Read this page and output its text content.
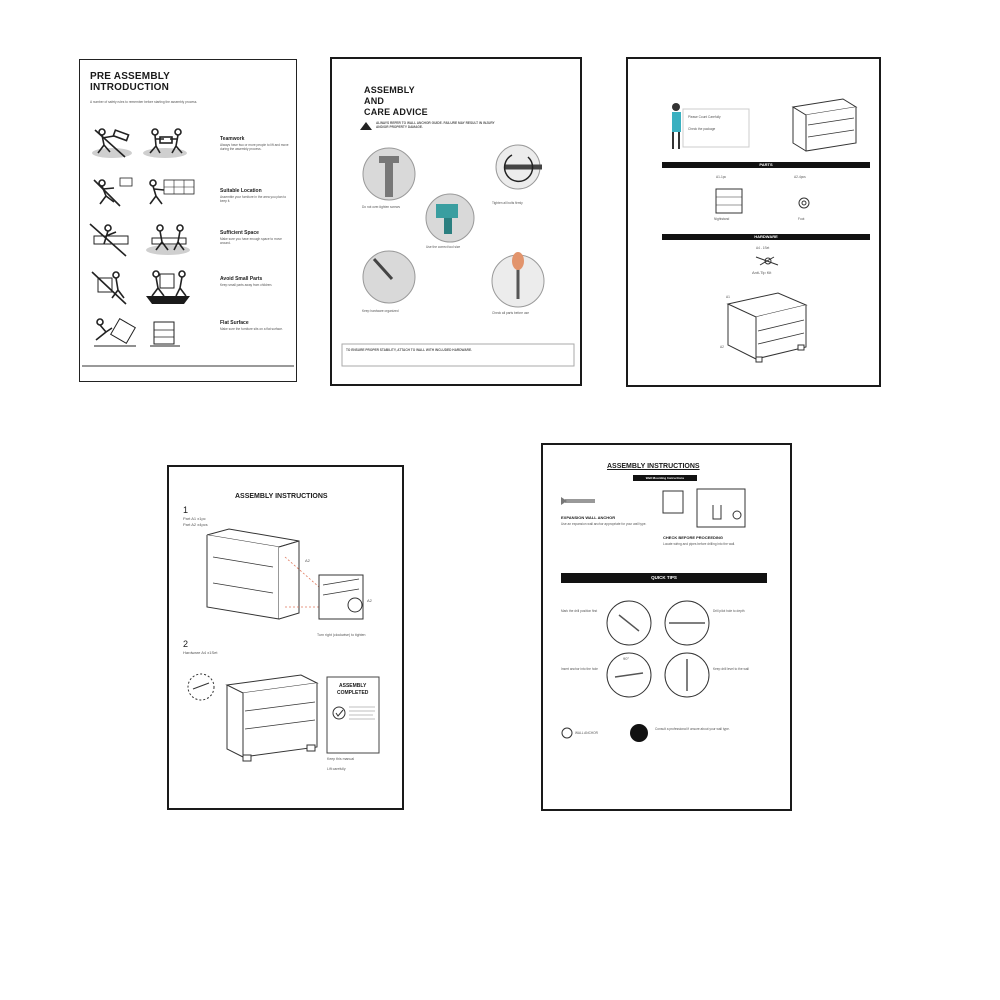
PRE ASSEMBLY
INTRODUCTION
A number of safety rules to remember before starting the assembly process.
Teamwork
Always have two or more people to lift and move during the assembly process.
Suitable Location
Assemble your furniture in the area you plan to keep it.
Sufficient Space
Make sure you have enough space to move around.
Avoid Small Parts
Keep small parts away from children.
Flat Surface
Make sure the furniture sits on a flat surface.
ASSEMBLY
AND
CARE ADVICE
ALWAYS REFER TO WALL ANCHOR GUIDE. FAILURE MAY RESULT IN INJURY AND/OR PROPERTY DAMAGE.
Do not over-tighten screws
Tighten all bolts firmly
Use the correct tool size
Keep hardware organized	Check all parts before use
TO ENSURE PROPER STABILITY, ATTACH TO WALL WITH INCLUDED HARDWARE.
Please Count Carefully
Check the package
PARTS
A1-1pc	A2-4pcs
Nightstand	Foot
HARDWARE
A4 - 1Set
Anti-Tip Kit
A1
A2
ASSEMBLY INSTRUCTIONS
1
Part A1 x1pc
Part A2 x4pcs
A2
A2
Turn right (clockwise) to tighten
2
Hardware A4 x1Set
ASSEMBLY
COMPLETED
Keep this manual
Lift carefully
ASSEMBLY INSTRUCTIONS
Wall Mounting Instructions
EXPANSION WALL ANCHOR
Use an expansion wall anchor appropriate for your wall type.
CHECK BEFORE PROCEEDING
Locate wiring and pipes before drilling into the wall.
QUICK TIPS
Mark the drill position first	Drill pilot hole to depth
Insert anchor into the hole	Keep drill level to the wall
90°
WALL ANCHOR
Consult a professional if unsure about your wall type.
